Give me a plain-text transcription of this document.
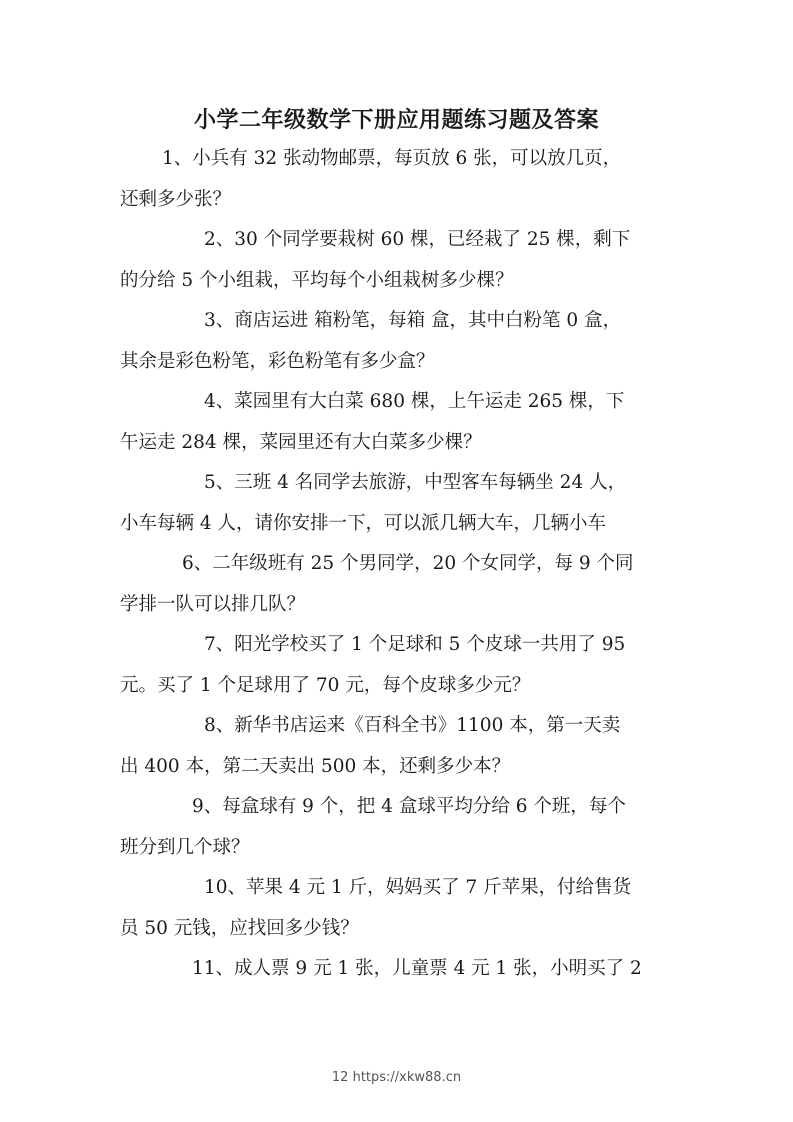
小学二年级数学下册应用题练习题及答案
1、小兵有 32 张动物邮票，每页放 6 张，可以放几页，
还剩多少张？
2、30 个同学要栽树 60 棵，已经栽了 25 棵，剩下
的分给 5 个小组栽，平均每个小组栽树多少棵？
3、商店运进 箱粉笔，每箱 盒，其中白粉笔 0 盒，
其余是彩色粉笔，彩色粉笔有多少盒？
4、菜园里有大白菜 680 棵，上午运走 265 棵，下
午运走 284 棵，菜园里还有大白菜多少棵？
5、三班 4 名同学去旅游，中型客车每辆坐 24 人，
小车每辆 4 人，请你安排一下，可以派几辆大车，几辆小车
6、二年级班有 25 个男同学，20 个女同学，每 9 个同
学排一队可以排几队？
7、阳光学校买了 1 个足球和 5 个皮球一共用了 95
元。买了 1 个足球用了 70 元，每个皮球多少元？
8、新华书店运来《百科全书》1100 本，第一天卖
出 400 本，第二天卖出 500 本，还剩多少本？
9、每盒球有 9 个，把 4 盒球平均分给 6 个班，每个
班分到几个球？
10、苹果 4 元 1 斤，妈妈买了 7 斤苹果，付给售货
员 50 元钱，应找回多少钱？
11、成人票 9 元 1 张，儿童票 4 元 1 张，小明买了 2
12 https://xkw88.cn
